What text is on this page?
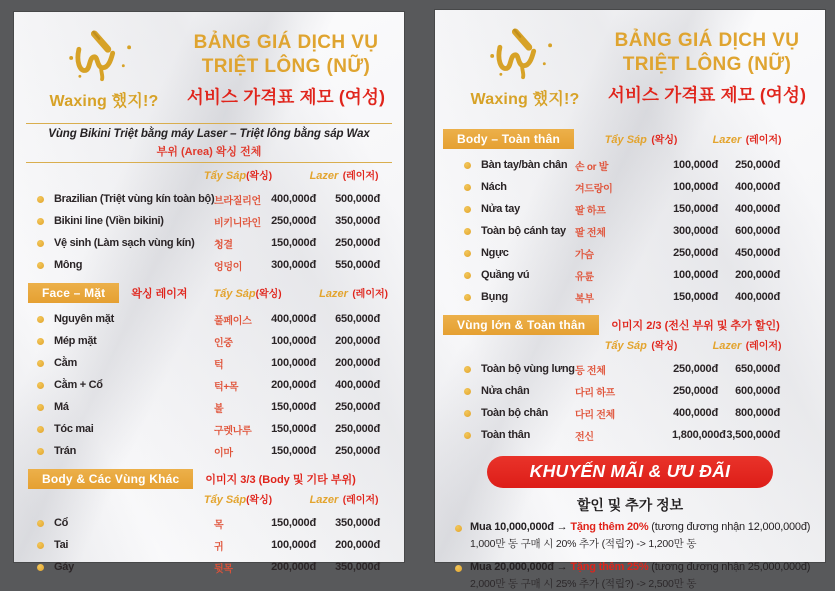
Waxing 했지!?
BẢNG GIÁ DỊCH VỤ
TRIỆT LÔNG (NỮ)
서비스 가격표 제모 (여성)
Vùng Bikini Triệt bằng máy Laser – Triệt lông bằng sáp Wax
부위 (Area) 왁싱 전체
Tẩy Sáp(왁싱)	Lazer (레이저)
Brazilian (Triệt vùng kín toàn bộ) 브라질리언 400,000đ	500,000đ
Bikini line (Viền bikini)	비키니라인 250,000đ	350,000đ
Vệ sinh (Làm sạch vùng kín)	청결	150,000đ	250,000đ
Mông	엉덩이	300,000đ	550,000đ
Face – Mặt	왁싱 레이져	Tẩy Sáp(왁싱)	Lazer (레이저)
Nguyên mặt	풀페이스	400,000đ	650,000đ
Mép mặt	인중	100,000đ	200,000đ
Cằm	턱	100,000đ	200,000đ
Cằm + Cổ	턱+목	200,000đ	400,000đ
Má	볼	150,000đ	250,000đ
Tóc mai	구렛나루	150,000đ	250,000đ
Trán	이마	150,000đ	250,000đ
Body & Các Vùng Khác	이미지 3/3 (Body 및 기타 부위)
Tẩy Sáp(왁싱)	Lazer (레이저)
Cổ	목	150,000đ	350,000đ
Tai	귀	100,000đ	200,000đ
Gáy	뒷목	200,000đ	350,000đ
Waxing 했지!?
BẢNG GIÁ DỊCH VỤ
TRIỆT LÔNG (NỮ)
서비스 가격표 제모 (여성)
Body – Toàn thân	Tẩy Sáp (왁싱)	Lazer (레이저)
Bàn tay/bàn chân 손 or 발	100,000đ	250,000đ
Nách	겨드랑이	100,000đ	400,000đ
Nửa tay	팔 하프	150,000đ	400,000đ
Toàn bộ cánh tay 팔 전체	300,000đ	600,000đ
Ngực	가슴	250,000đ	450,000đ
Quầng vú	유륜	100,000đ	200,000đ
Bụng	복부	150,000đ	400,000đ
Vùng lớn & Toàn thân	이미지 2/3 (전신 부위 및 추가 할인)
Tẩy Sáp (왁싱)	Lazer (레이저)
Toàn bộ vùng lưng 등 전체	250,000đ	650,000đ
Nửa chân	다리 하프	250,000đ	600,000đ
Toàn bộ chân	다리 전체	400,000đ	800,000đ
Toàn thân	전신	1,800,000đ 3,500,000đ
KHUYẾN MÃI & ƯU ĐÃI
할인 및 추가 정보
Mua 10,000,000đ → Tặng thêm 20% (tương đương nhận 12,000,000đ)
1,000만 동 구매 시 20% 추가 (적립?) -> 1,200만 동
Mua 20,000,000đ → Tặng thêm 25% (tương đương nhận 25,000,000đ)
2,000만 동 구매 시 25% 추가 (적립?) -> 2,500만 동
